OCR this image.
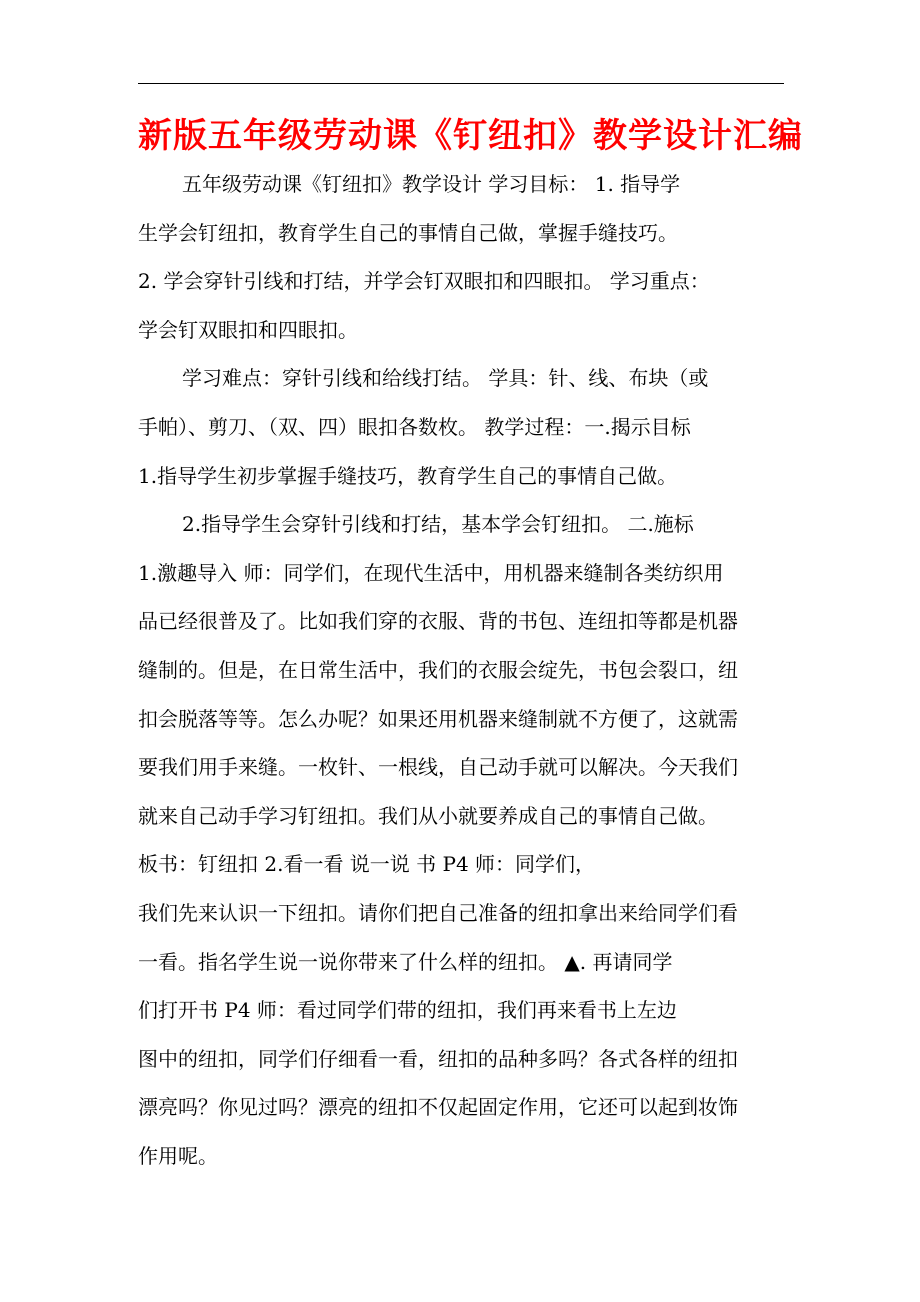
新版五年级劳动课《钉纽扣》教学设计汇编
五年级劳动课《钉纽扣》教学设计 学习目标： 1. 指导学
生学会钉纽扣，教育学生自己的事情自己做，掌握手缝技巧。
2. 学会穿针引线和打结，并学会钉双眼扣和四眼扣。 学习重点：
学会钉双眼扣和四眼扣。
学习难点：穿针引线和给线打结。 学具：针、线、布块（或
手帕）、剪刀、（双、四）眼扣各数枚。 教学过程：一.揭示目标
1.指导学生初步掌握手缝技巧，教育学生自己的事情自己做。
2.指导学生会穿针引线和打结，基本学会钉纽扣。 二.施标
1.激趣导入 师：同学们，在现代生活中，用机器来缝制各类纺织用
品已经很普及了。比如我们穿的衣服、背的书包、连纽扣等都是机器
缝制的。但是，在日常生活中，我们的衣服会绽先，书包会裂口，纽
扣会脱落等等。怎么办呢？如果还用机器来缝制就不方便了，这就需
要我们用手来缝。一枚针、一根线，自己动手就可以解决。今天我们
就来自己动手学习钉纽扣。我们从小就要养成自己的事情自己做。
板书：钉纽扣 2.看一看 说一说 书 P4 师：同学们，
我们先来认识一下纽扣。请你们把自己准备的纽扣拿出来给同学们看
一看。指名学生说一说你带来了什么样的纽扣。 ▲. 再请同学
们打开书 P4 师：看过同学们带的纽扣，我们再来看书上左边
图中的纽扣，同学们仔细看一看，纽扣的品种多吗？各式各样的纽扣
漂亮吗？你见过吗？漂亮的纽扣不仅起固定作用，它还可以起到妆饰
作用呢。
